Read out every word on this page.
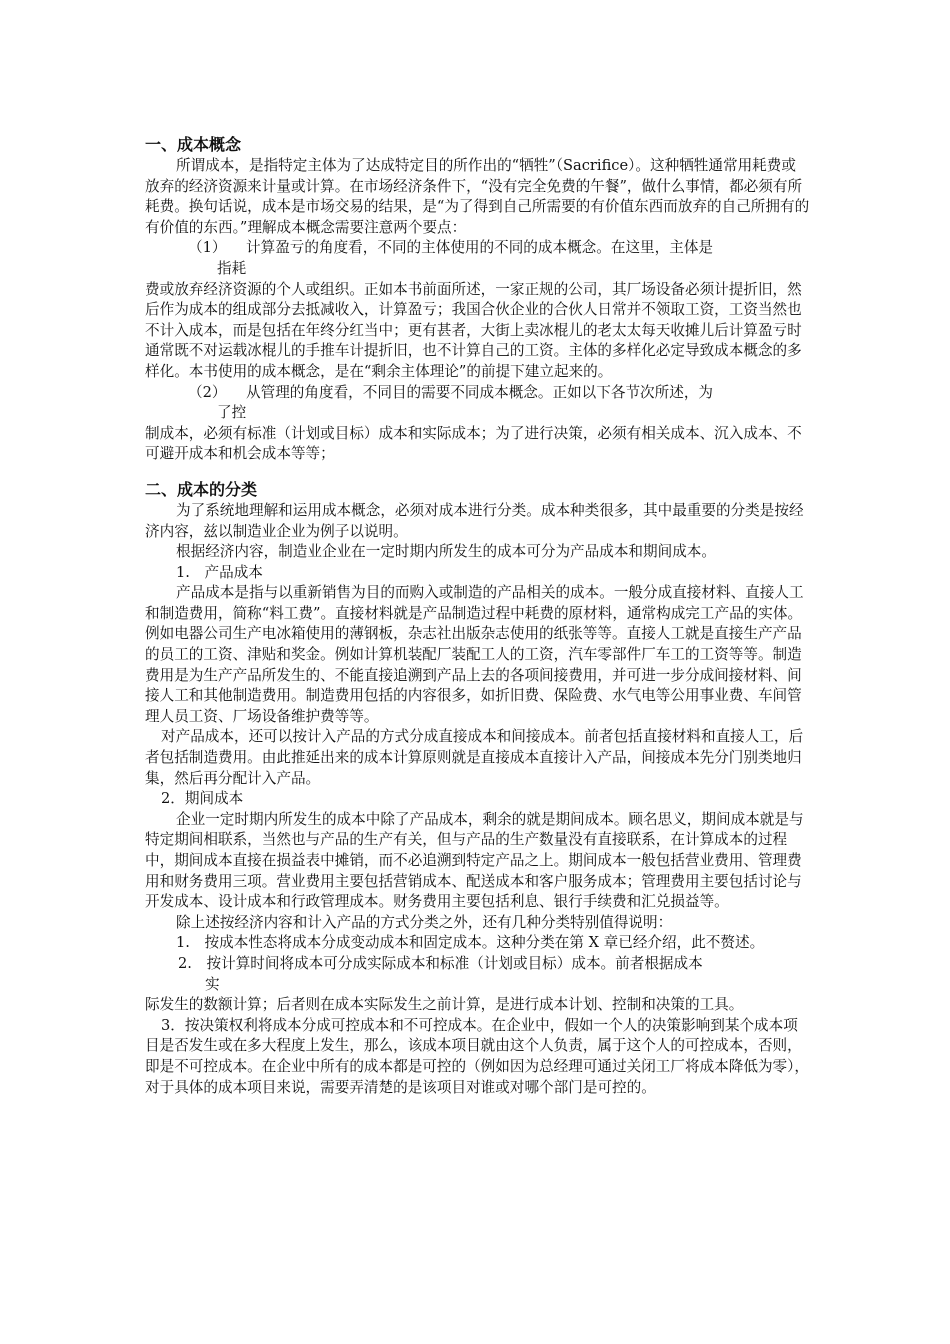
一、成本概念

所谓成本，是指特定主体为了达成特定目的所作出的“牺牲”（Sacrifice）。这种牺牲通常用耗费或放弃的经济资源来计量或计算。在市场经济条件下，“没有完全免费的午餐”，做什么事情，都必须有所耗费。换句话说，成本是市场交易的结果，是“为了得到自己所需要的有价值东西而放弃的自己所拥有的有价值的东西。”理解成本概念需要注意两个要点：

（1） 计算盈亏的角度看，不同的主体使用的不同的成本概念。在这里，主体是
指耗

费或放弃经济资源的个人或组织。正如本书前面所述，一家正规的公司，其厂场设备必须计提折旧，然后作为成本的组成部分去抵减收入，计算盈亏；我国合伙企业的合伙人日常并不领取工资，工资当然也不计入成本，而是包括在年终分红当中；更有甚者，大街上卖冰棍儿的老太太每天收摊儿后计算盈亏时通常既不对运载冰棍儿的手推车计提折旧，也不计算自己的工资。主体的多样化必定导致成本概念的多样化。本书使用的成本概念，是在“剩余主体理论”的前提下建立起来的。

（2） 从管理的角度看，不同目的需要不同成本概念。正如以下各节次所述，为
了控

制成本，必须有标准（计划或目标）成本和实际成本；为了进行决策，必须有相关成本、沉入成本、不可避开成本和机会成本等等；

二、成本的分类

为了系统地理解和运用成本概念，必须对成本进行分类。成本种类很多，其中最重要的分类是按经济内容，兹以制造业企业为例子以说明。

根据经济内容，制造业企业在一定时期内所发生的成本可分为产品成本和期间成本。

1.　产品成本

产品成本是指与以重新销售为目的而购入或制造的产品相关的成本。一般分成直接材料、直接人工和制造费用，简称“料工费”。直接材料就是产品制造过程中耗费的原材料，通常构成完工产品的实体。例如电器公司生产电冰箱使用的薄钢板，杂志社出版杂志使用的纸张等等。直接人工就是直接生产产品的员工的工资、津贴和奖金。例如计算机装配厂装配工人的工资，汽车零部件厂车工的工资等等。制造费用是为生产产品所发生的、不能直接追溯到产品上去的各项间接费用，并可进一步分成间接材料、间接人工和其他制造费用。制造费用包括的内容很多，如折旧费、保险费、水气电等公用事业费、车间管理人员工资、厂场设备维护费等等。

对产品成本，还可以按计入产品的方式分成直接成本和间接成本。前者包括直接材料和直接人工，后者包括制造费用。由此推延出来的成本计算原则就是直接成本直接计入产品，间接成本先分门别类地归集，然后再分配计入产品。

2．期间成本

企业一定时期内所发生的成本中除了产品成本，剩余的就是期间成本。顾名思义，期间成本就是与特定期间相联系，当然也与产品的生产有关，但与产品的生产数量没有直接联系，在计算成本的过程中，期间成本直接在损益表中摊销，而不必追溯到特定产品之上。期间成本一般包括营业费用、管理费用和财务费用三项。营业费用主要包括营销成本、配送成本和客户服务成本；管理费用主要包括讨论与开发成本、设计成本和行政管理成本。财务费用主要包括利息、银行手续费和汇兑损益等。

除上述按经济内容和计入产品的方式分类之外，还有几种分类特别值得说明：

1.　按成本性态将成本分成变动成本和固定成本。这种分类在第 X 章已经介绍，此不赘述。

2.　按计算时间将成本可分成实际成本和标准（计划或目标）成本。前者根据成本
实

际发生的数额计算；后者则在成本实际发生之前计算，是进行成本计划、控制和决策的工具。

3．按决策权利将成本分成可控成本和不可控成本。在企业中，假如一个人的决策影响到某个成本项目是否发生或在多大程度上发生，那么，该成本项目就由这个人负责，属于这个人的可控成本，否则，即是不可控成本。在企业中所有的成本都是可控的（例如因为总经理可通过关闭工厂将成本降低为零），对于具体的成本项目来说，需要弄清楚的是该项目对谁或对哪个部门是可控的。
